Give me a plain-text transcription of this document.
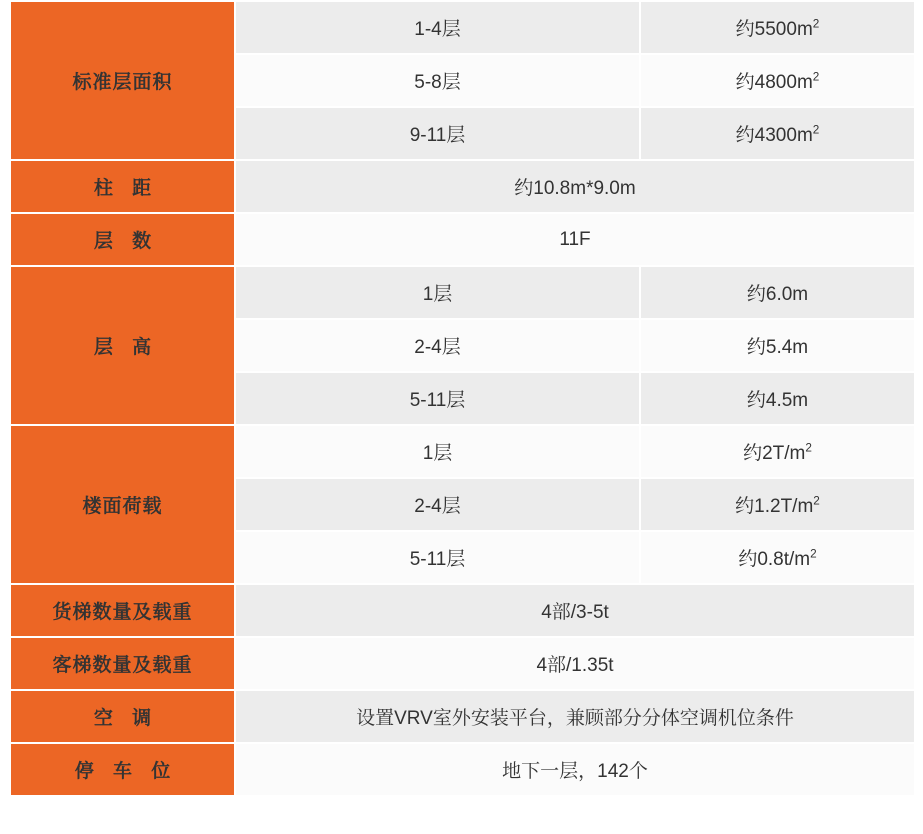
标准层面积	1-4层	约$5500m^2$
	5-8层	约$4800m^2$
	9-11层	约$4300m^2$
柱 距	约10.8m*9.0m	
层 数	11F	
层 高	1层	约6.0m
	2-4层	约5.4m
	5-11层	约4.5m
楼面荷载	1层	约$2T/m^2$
	2-4层	约$1.2T/m^2$
	5-11层	约$0.8t/m^2$
货梯数量及载重	4部/3-5t	
客梯数量及载重	4部/1.35t	
空 调	设置VRV室外安装平台，兼顾部分分体空调机位条件	
停 车 位	地下一层，142个	
